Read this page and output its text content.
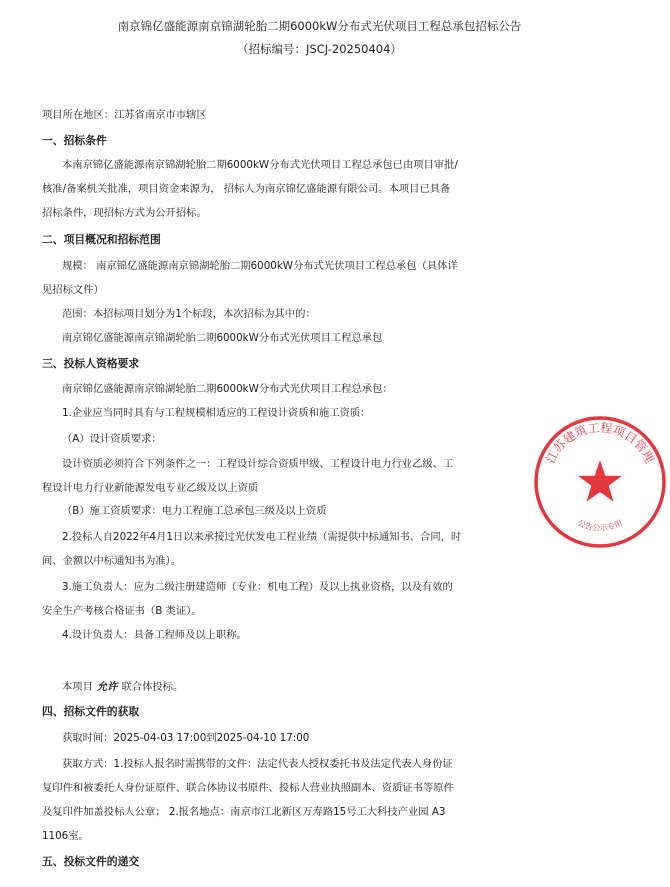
南京锦亿盛能源南京锦湖轮胎二期6000kW分布式光伏项目工程总承包招标公告
（招标编号：JSCJ-20250404）
项目所在地区：江苏省南京市市辖区
一、招标条件
本南京锦亿盛能源南京锦湖轮胎二期6000kW分布式光伏项目工程总承包已由项目审批/
核准/备案机关批准，项目资金来源为， 招标人为南京锦亿盛能源有限公司。本项目已具备
招标条件，现招标方式为公开招标。
二、项目概况和招标范围
规模： 南京锦亿盛能源南京锦湖轮胎二期6000kW分布式光伏项目工程总承包（具体详
见招标文件）
范围：本招标项目划分为1个标段，本次招标为其中的：
南京锦亿盛能源南京锦湖轮胎二期6000kW分布式光伏项目工程总承包
三、投标人资格要求
南京锦亿盛能源南京锦湖轮胎二期6000kW分布式光伏项目工程总承包：
1.企业应当同时具有与工程规模相适应的工程设计资质和施工资质：
（A）设计资质要求：
设计资质必须符合下列条件之一：工程设计综合资质甲级、工程设计电力行业乙级、工
程设计电力行业新能源发电专业乙级及以上资质
（B）施工资质要求：电力工程施工总承包三级及以上资质
2.投标人自2022年4月1日以来承接过光伏发电工程业绩（需提供中标通知书、合同，时
间、金额以中标通知书为准）。
3.施工负责人：应为二级注册建造师（专业：机电工程）及以上执业资格，以及有效的
安全生产考核合格证书（B 类证）。
4.设计负责人：具备工程师及以上职称。
本项目 允许 联合体投标。
四、招标文件的获取
获取时间：2025-04-03 17:00到2025-04-10 17:00
获取方式：1.投标人报名时需携带的文件：法定代表人授权委托书及法定代表人身份证
复印件和被委托人身份证原件、联合体协议书原件、投标人营业执照副本、资质证书等原件
及复印件加盖投标人公章； 2.报名地点：南京市江北新区万寿路15号工大科技产业园 A3
1106室。
五、投标文件的递交
江苏建筑工程项目管理
公告公示专用
